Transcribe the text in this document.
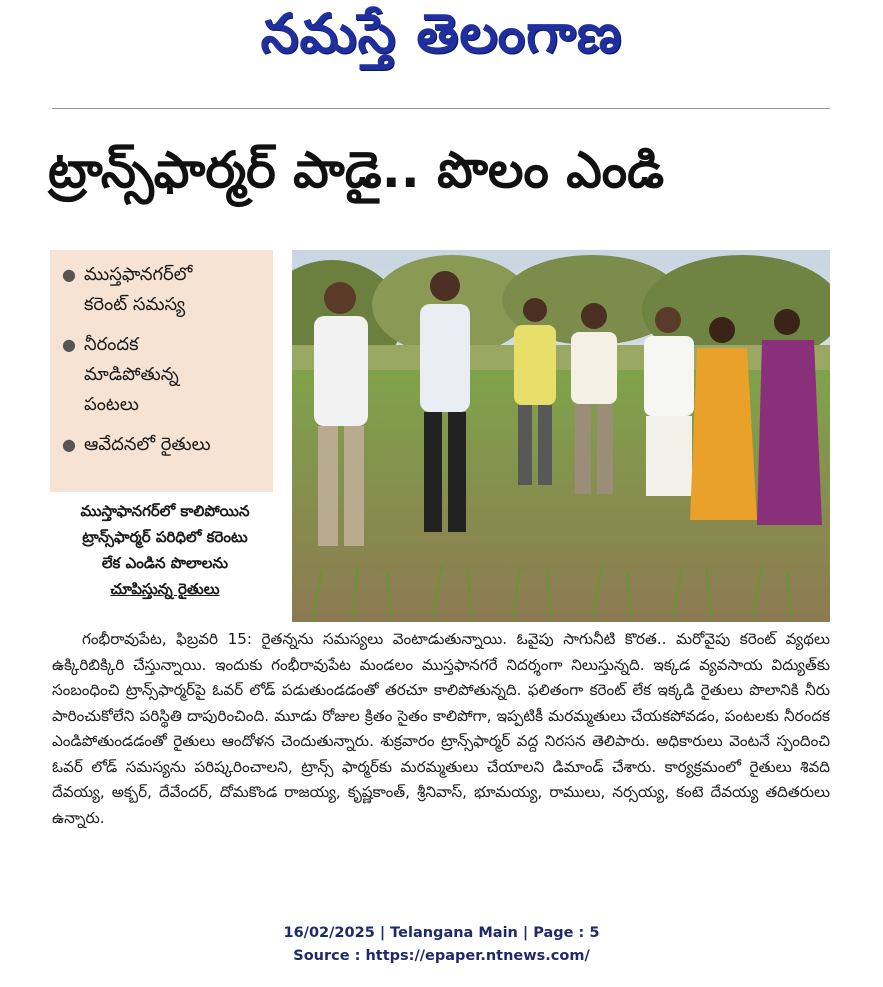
నమస్తే తెలంగాణ
ట్రాన్స్‌ఫార్మర్ పాడై.. పొలం ఎండి
● ముస్తఫానగర్‌లో
కరెంట్ సమస్య
● నీరందక
మాడిపోతున్న
పంటలు
● ఆవేదనలో రైతులు
ముస్తాఫానగర్‌లో కాలిపోయిన
ట్రాన్స్‌ఫార్మర్ పరిధిలో కరెంటు
లేక ఎండిన పొలాలను
చూపిస్తున్న రైతులు

గంభీరావుపేట, ఫిబ్రవరి 15: రైతన్నను సమస్యలు వెంటాడుతున్నాయి. ఓవైపు సాగునీటి కొరత.. మరోవైపు కరెంట్ వ్యథలు ఉక్కిరిబిక్కిరి చేస్తున్నాయి. ఇందుకు గంభీరావుపేట మండలం ముస్తఫానగరే నిదర్శంగా నిలుస్తున్నది. ఇక్కడ వ్యవసాయ విద్యుత్‌కు సంబంధించి ట్రాన్స్‌ఫార్మర్‌పై ఓవర్ లోడ్ పడుతుండడంతో తరచూ కాలిపోతున్నది. ఫలితంగా కరెంట్ లేక ఇక్కడి రైతులు పొలానికి నీరు పారించుకోలేని పరిస్థితి దాపురించింది. మూడు రోజుల క్రితం సైతం కాలిపోగా, ఇప్పటికీ మరమ్మతులు చేయకపోవడం, పంటలకు నీరందక ఎండిపోతుండడంతో రైతులు ఆందోళన చెందుతున్నారు. శుక్రవారం ట్రాన్స్‌ఫార్మర్ వద్ద నిరసన తెలిపారు. అధికారులు వెంటనే స్పందించి ఓవర్ లోడ్ సమస్యను పరిష్కరించాలని, ట్రాన్స్ ఫార్మర్‌కు మరమ్మతులు చేయాలని డిమాండ్ చేశారు. కార్యక్రమంలో రైతులు శివది దేవయ్య, అక్బర్, దేవేందర్, దోమకొండ రాజయ్య, కృష్ణకాంత్, శ్రీనివాస్, భూమయ్య, రాములు, నర్సయ్య, కంటె దేవయ్య తదితరులు ఉన్నారు.

16/02/2025 | Telangana Main | Page : 5
Source : https://epaper.ntnews.com/
